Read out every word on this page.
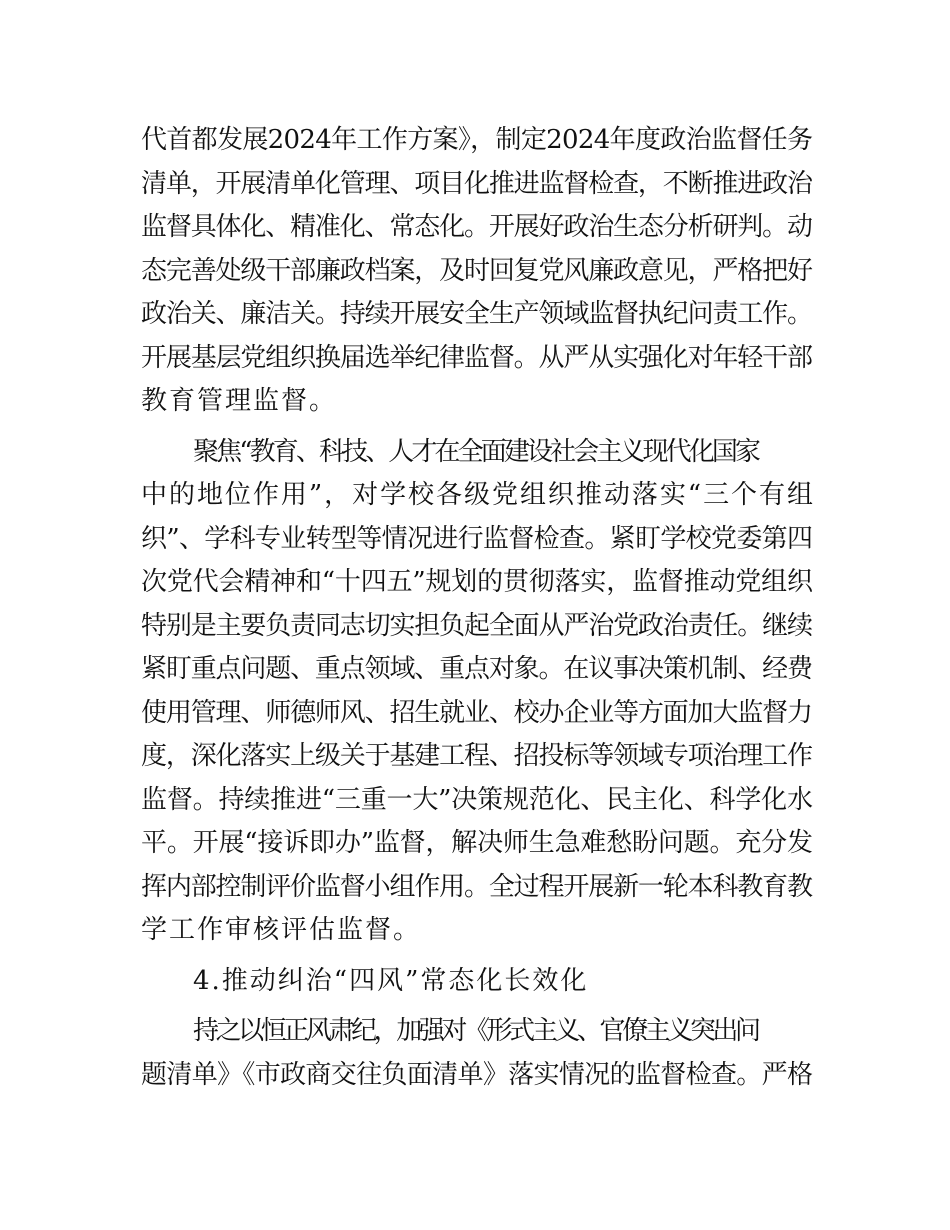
代首都发展2024年工作方案》，制定2024年度政治监督任务
清单，开展清单化管理、项目化推进监督检查，不断推进政治
监督具体化、精准化、常态化。开展好政治生态分析研判。动
态完善处级干部廉政档案，及时回复党风廉政意见，严格把好
政治关、廉洁关。持续开展安全生产领域监督执纪问责工作。
开展基层党组织换届选举纪律监督。从严从实强化对年轻干部
教育管理监督。
聚焦“教育、科技、人才在全面建设社会主义现代化国家
中的地位作用”，对学校各级党组织推动落实“三个有组
织”、学科专业转型等情况进行监督检查。紧盯学校党委第四
次党代会精神和“十四五”规划的贯彻落实，监督推动党组织
特别是主要负责同志切实担负起全面从严治党政治责任。继续
紧盯重点问题、重点领域、重点对象。在议事决策机制、经费
使用管理、师德师风、招生就业、校办企业等方面加大监督力
度，深化落实上级关于基建工程、招投标等领域专项治理工作
监督。持续推进“三重一大”决策规范化、民主化、科学化水
平。开展“接诉即办”监督，解决师生急难愁盼问题。充分发
挥内部控制评价监督小组作用。全过程开展新一轮本科教育教
学工作审核评估监督。
4.推动纠治“四风”常态化长效化
持之以恒正风肃纪，加强对《形式主义、官僚主义突出问
题清单》《市政商交往负面清单》落实情况的监督检查。严格
